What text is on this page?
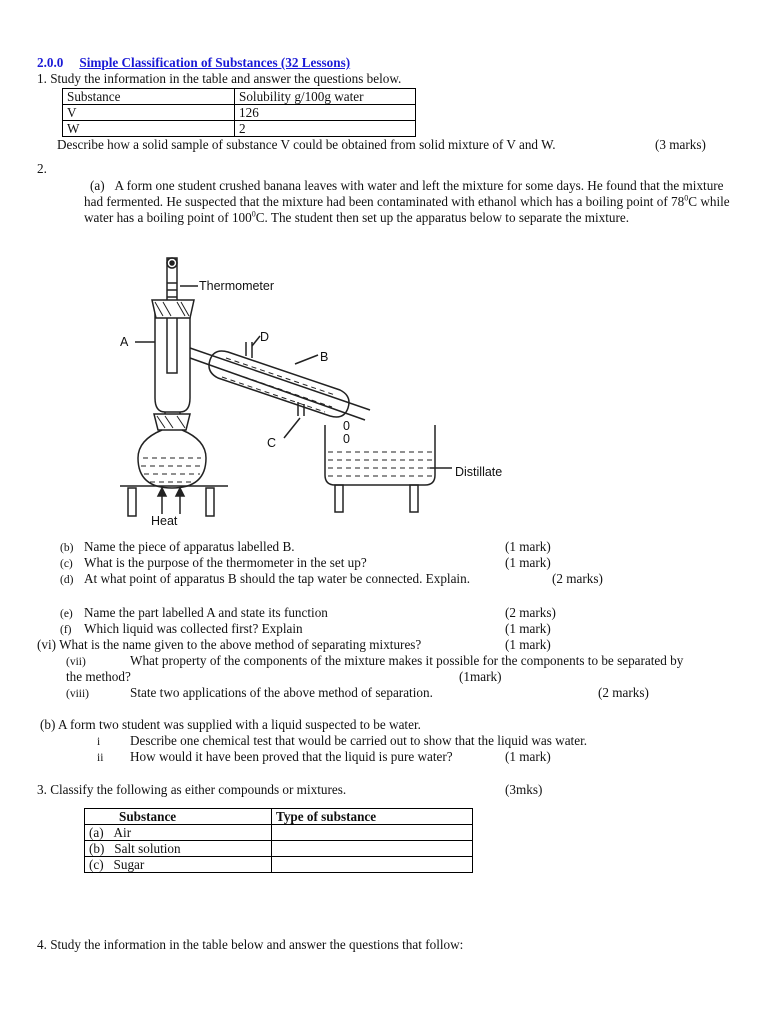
2.0.0 Simple Classification of Substances (32 Lessons)
1. Study the information in the table and answer the questions below.
Substance	Solubility g/100g water
V	126
W	2
Describe how a solid sample of substance V could be obtained from solid mixture of V and W.	(3 marks)
2.
(a) A form one student crushed banana leaves with water and left the mixture for some days. He found that the mixture had fermented. He suspected that the mixture had been contaminated with ethanol which has a boiling point of $78^0C$ while water has a boiling point of $100^0C$. The student then set up the apparatus below to separate the mixture.
Thermometer
A	D
B
C
0
0
Distillate
Heat
(b) Name the piece of apparatus labelled B.	(1 mark)
(c) What is the purpose of the thermometer in the set up?	(1 mark)
(d) At what point of apparatus B should the tap water be connected. Explain.	(2 marks)
(e) Name the part labelled A and state its function	(2 marks)
(f) Which liquid was collected first? Explain	(1 mark)
(vi) What is the name given to the above method of separating mixtures?	(1 mark)
(vii)	What property of the components of the mixture makes it possible for the components to be separated by
the method?	(1mark)
(viii)	State two applications of the above method of separation.	(2 marks)
(b) A form two student was supplied with a liquid suspected to be water.
i Describe one chemical test that would be carried out to show that the liquid was water.
ii How would it have been proved that the liquid is pure water?	(1 mark)
3. Classify the following as either compounds or mixtures.	(3mks)
Substance	Type of substance
(a) Air	
(b) Salt solution	
(c) Sugar	
4. Study the information in the table below and answer the questions that follow:
